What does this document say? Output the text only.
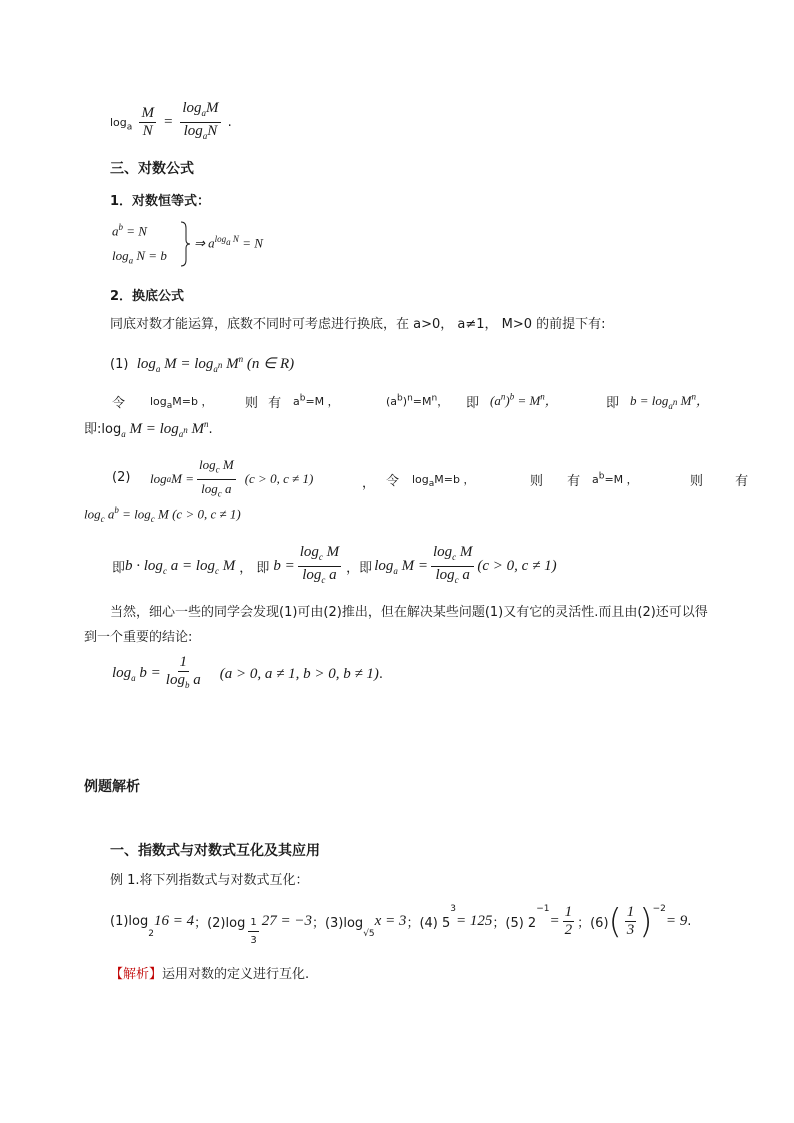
$\log_a \frac{M}{N} = \frac{\log_aM}{\log_aN}$ .
三、对数公式
1．对数恒等式：
$a^b = N$
$\log_a N = b$
⇒ $a^{log_a N} = N$
2．换底公式
同底对数才能运算，底数不同时可考虑进行换底，在 a>0， a≠1， M>0 的前提下有:
(1) $\log_a M = \log_{a^n} M^n$ (n ∈ R)
令 $\log_aM=b$ ，	则 有 $a^b=M$ ，	$(a^b)^n=M^n$， 即 $(a^n)^b = M^n$，	即 $b = \log_{a^n} M^n$，
即$:\log_a$ $M = \log_{a^n} M^n$.
(2) log a $M = \frac{\log_c M}{\log_c a} (c > 0$, c ≠ 1)	， 令 $\log_aM=b$ ，	则 有 $a^b=M$ ，	则 有
$\log_c a^b = \log_c M$ (c > 0, c ≠ 1)
即 $b \cdot \log_c a = \log_c M$ ， 即 $b = \frac{\log_c M}{\log_c a}$ ，即 $\log_a M = \frac{\log_c M}{\log_c a} (c > 0$, c ≠ 1)
当然，细心一些的同学会发现(1)可由(2)推出，但在解决某些问题(1)又有它的灵活性.而且由(2)还可以得
到一个重要的结论:
$\log_a b = \frac{1}{\log_b a} (a > 0$, a ≠ 1, b > 0, b ≠ 1) .
例题解析
一、指数式与对数式互化及其应用
例 1.将下列指数式与对数式互化：
(1)log
2
16 = 4 ；$(2)\log \frac{1}{3} 27 = -3$ ；(3)log
$_{√5}$
x = 3 ；(4) 5
$^3$
= 125 ；(5) 2
$^{-1}$
= $\frac{1}{2}$ ；(6) ( $\frac{1}{3} )^{-2}$
= 9 .
【解析】运用对数的定义进行互化.
